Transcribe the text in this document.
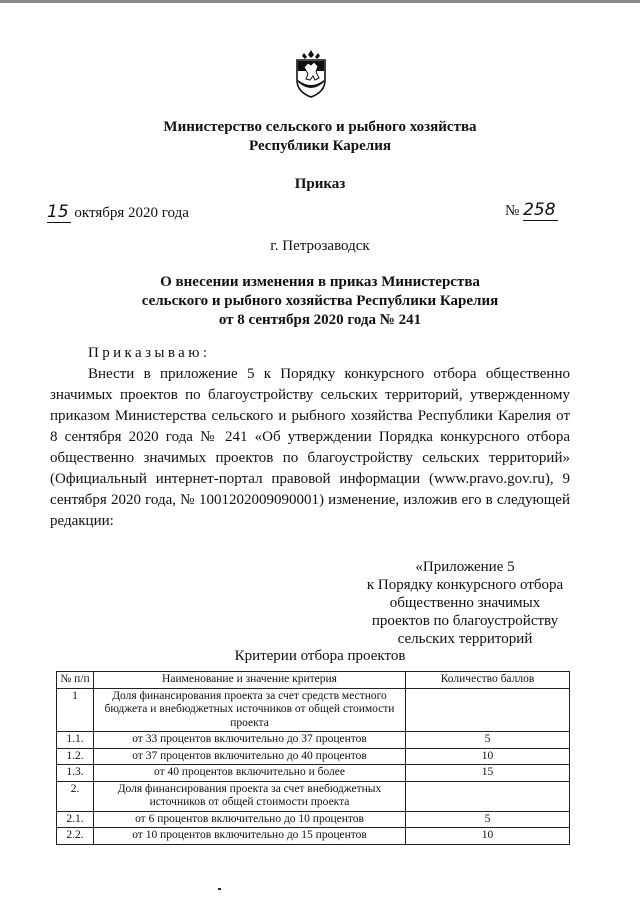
Министерство сельского и рыбного хозяйства
Республики Карелия
Приказ
15 октября 2020 года	№ 258
г. Петрозаводск
О внесении изменения в приказ Министерства
сельского и рыбного хозяйства Республики Карелия
от 8 сентября 2020 года № 241
Приказываю:
Внести в приложение 5 к Порядку конкурсного отбора общественно значимых проектов по благоустройству сельских территорий, утвержденному приказом Министерства сельского и рыбного хозяйства Республики Карелия от 8 сентября 2020 года № 241 «Об утверждении Порядка конкурсного отбора общественно значимых проектов по благоустройству сельских территорий» (Официальный интернет-портал правовой информации (www.pravo.gov.ru), 9 сентября 2020 года, № 1001202009090001) изменение, изложив его в следующей редакции:
«Приложение 5
к Порядку конкурсного отбора
общественно значимых
проектов по благоустройству
сельских территорий
Критерии отбора проектов
№ п/п	Наименование и значение критерия	Количество баллов
1	Доля финансирования проекта за счет средств местного бюджета и внебюджетных источников от общей стоимости проекта	
1.1.	от 33 процентов включительно до 37 процентов	5
1.2.	от 37 процентов включительно до 40 процентов	10
1.3.	от 40 процентов включительно и более	15
2.	Доля финансирования проекта за счет внебюджетных источников от общей стоимости проекта	
2.1.	от 6 процентов включительно до 10 процентов	5
2.2.	от 10 процентов включительно до 15 процентов	10
